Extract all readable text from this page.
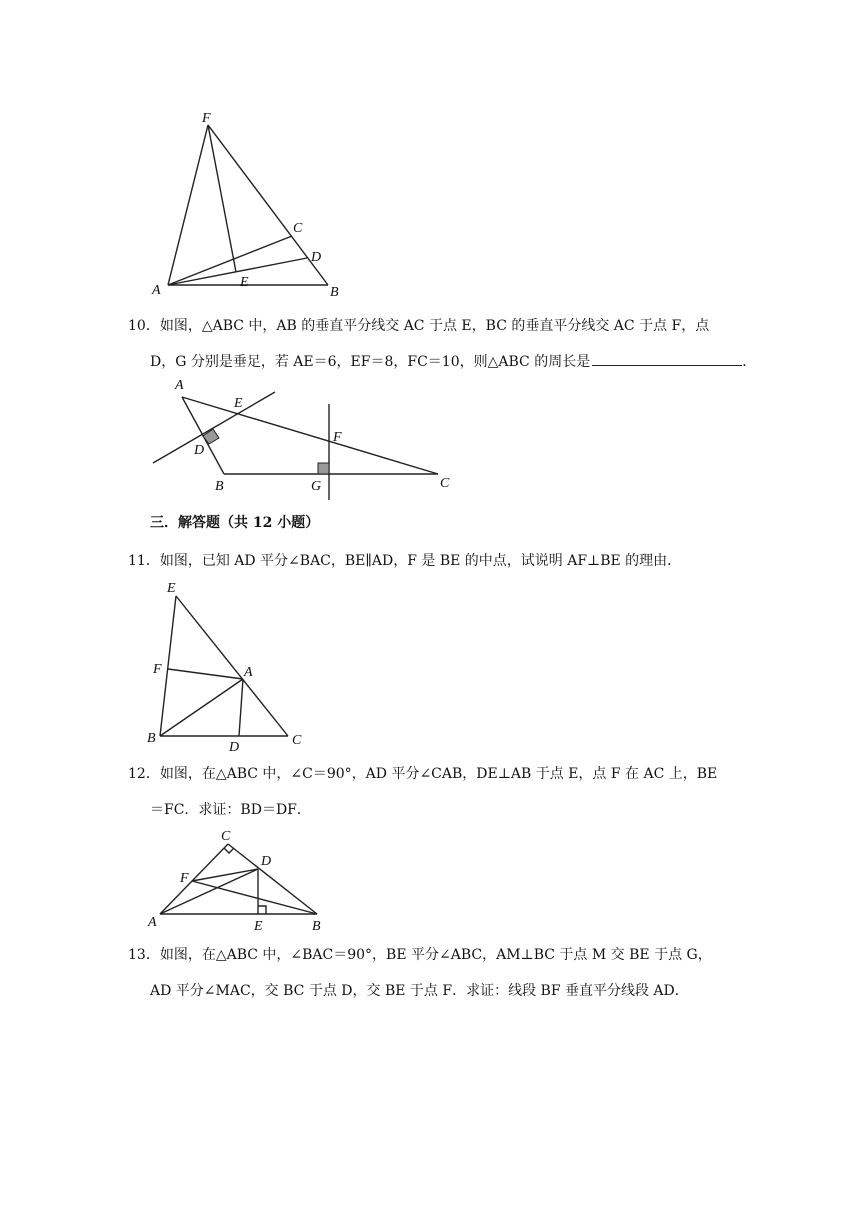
F
C
D
A
E
B
10．如图，△ABC 中，AB 的垂直平分线交 AC 于点 E，BC 的垂直平分线交 AC 于点 F，点
D，G 分别是垂足，若 AE＝6，EF＝8，FC＝10，则△ABC 的周长是	．
A
E
D
B
F
G	C
三．解答题（共 12 小题）
11．如图，已知 AD 平分∠BAC，BE∥AD，F 是 BE 的中点，试说明 AF⊥BE 的理由．
E
F	A
B
D	C
12．如图，在△ABC 中，∠C＝90°，AD 平分∠CAB，DE⊥AB 于点 E，点 F 在 AC 上，BE
＝FC．求证：BD＝DF．
C
D
F
A	E	B
13．如图，在△ABC 中，∠BAC＝90°，BE 平分∠ABC，AM⊥BC 于点 M 交 BE 于点 G，
AD 平分∠MAC，交 BC 于点 D，交 BE 于点 F．求证：线段 BF 垂直平分线段 AD．
